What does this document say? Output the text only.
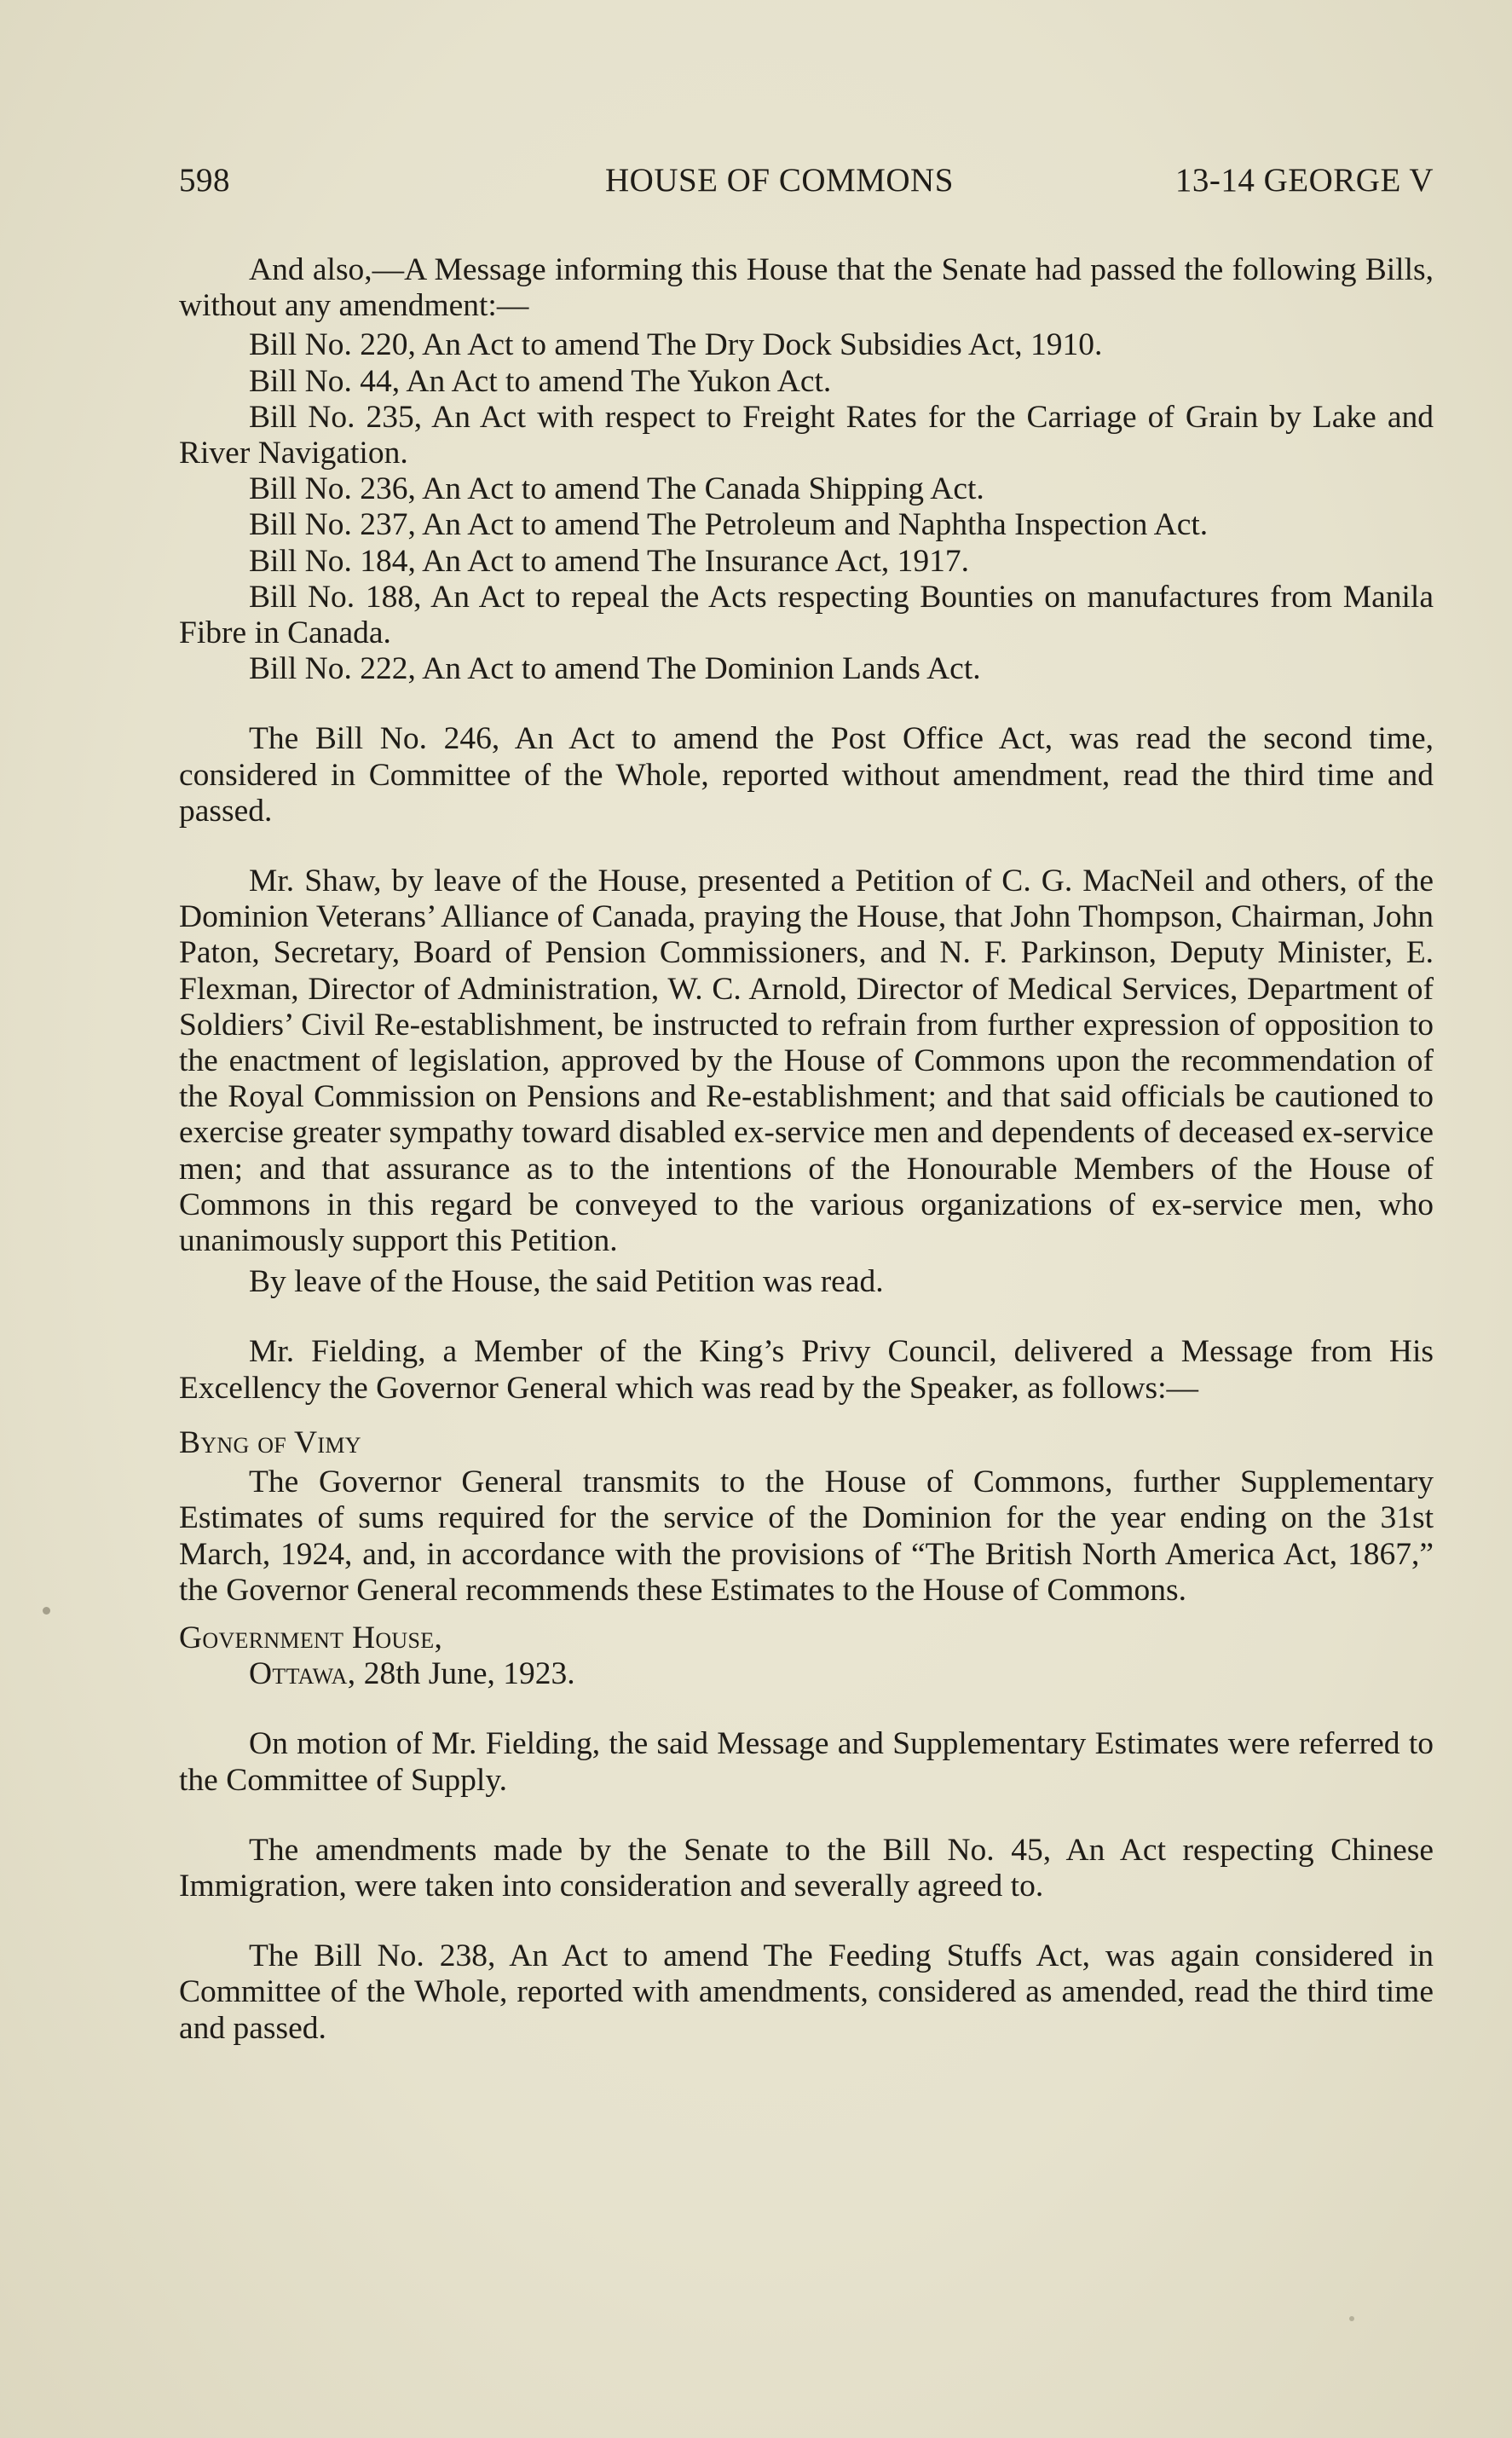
598	HOUSE OF COMMONS	13-14 GEORGE V

And also,—A Message informing this House that the Senate had passed the following Bills, without any amendment:—

Bill No. 220, An Act to amend The Dry Dock Subsidies Act, 1910.

Bill No. 44, An Act to amend The Yukon Act.

Bill No. 235, An Act with respect to Freight Rates for the Carriage of Grain by Lake and River Navigation.

Bill No. 236, An Act to amend The Canada Shipping Act.

Bill No. 237, An Act to amend The Petroleum and Naphtha Inspection Act.

Bill No. 184, An Act to amend The Insurance Act, 1917.

Bill No. 188, An Act to repeal the Acts respecting Bounties on manufactures from Manila Fibre in Canada.

Bill No. 222, An Act to amend The Dominion Lands Act.

The Bill No. 246, An Act to amend the Post Office Act, was read the second time, considered in Committee of the Whole, reported without amendment, read the third time and passed.

Mr. Shaw, by leave of the House, presented a Petition of C. G. MacNeil and others, of the Dominion Veterans’ Alliance of Canada, praying the House, that John Thompson, Chairman, John Paton, Secretary, Board of Pension Commissioners, and N. F. Parkinson, Deputy Minister, E. Flexman, Director of Administration, W. C. Arnold, Director of Medical Services, Department of Soldiers’ Civil Re-establishment, be instructed to refrain from further expression of opposition to the enactment of legislation, approved by the House of Commons upon the recommendation of the Royal Commission on Pensions and Re-establishment; and that said officials be cautioned to exercise greater sympathy toward disabled ex-service men and dependents of deceased ex-service men; and that assurance as to the intentions of the Honourable Members of the House of Commons in this regard be conveyed to the various organizations of ex-service men, who unanimously support this Petition.

By leave of the House, the said Petition was read.

Mr. Fielding, a Member of the King’s Privy Council, delivered a Message from His Excellency the Governor General which was read by the Speaker, as follows:—

Byng of Vimy

The Governor General transmits to the House of Commons, further Supplementary Estimates of sums required for the service of the Dominion for the year ending on the 31st March, 1924, and, in accordance with the provisions of “The British North America Act, 1867,” the Governor General recommends these Estimates to the House of Commons.

Government House,

Ottawa, 28th June, 1923.

On motion of Mr. Fielding, the said Message and Supplementary Estimates were referred to the Committee of Supply.

The amendments made by the Senate to the Bill No. 45, An Act respecting Chinese Immigration, were taken into consideration and severally agreed to.

The Bill No. 238, An Act to amend The Feeding Stuffs Act, was again considered in Committee of the Whole, reported with amendments, considered as amended, read the third time and passed.
